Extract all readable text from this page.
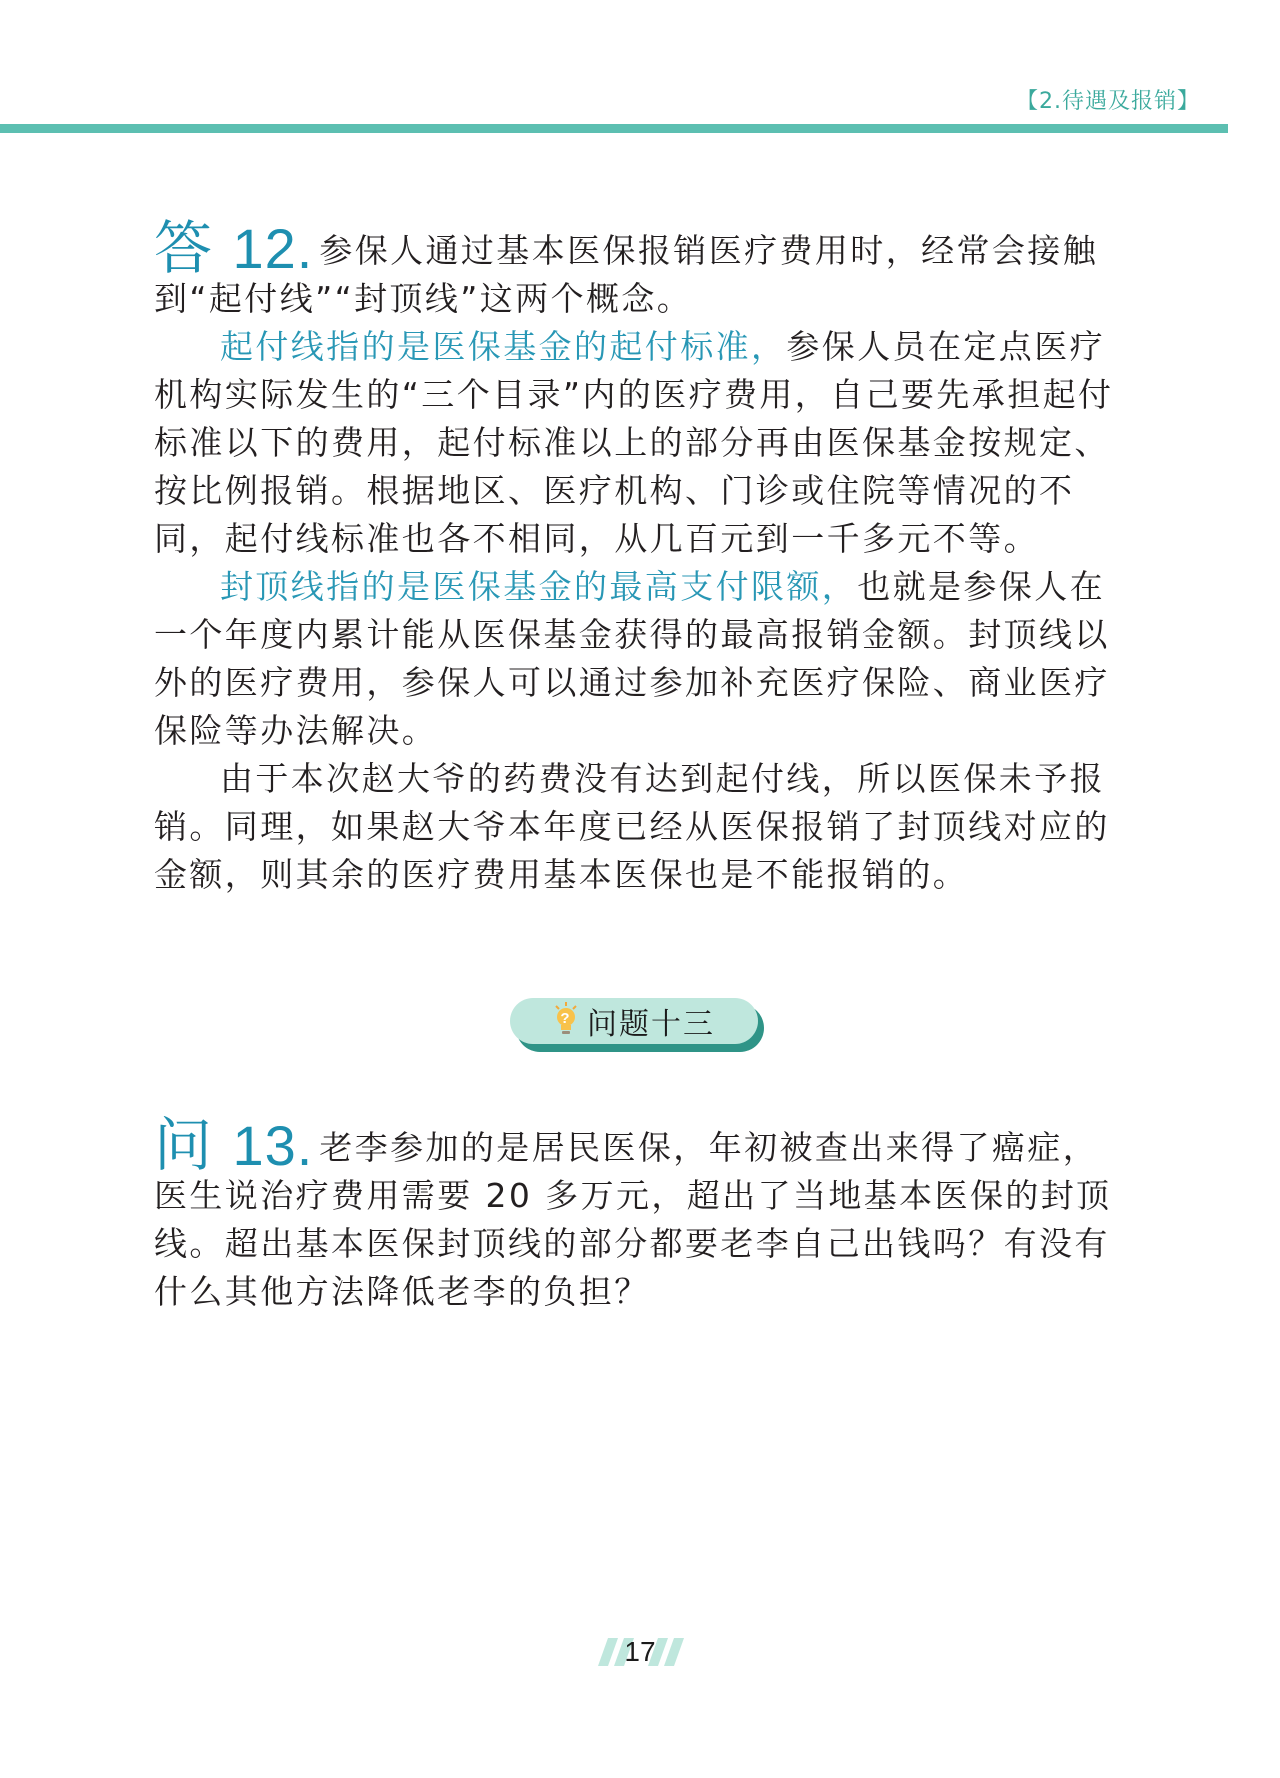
【2.待遇及报销】

答 12. 参保人通过基本医保报销医疗费用时，经常会接触到“起付线”“封顶线”这两个概念。

起付线指的是医保基金的起付标准，参保人员在定点医疗机构实际发生的“三个目录”内的医疗费用，自己要先承担起付标准以下的费用，起付标准以上的部分再由医保基金按规定、按比例报销。根据地区、医疗机构、门诊或住院等情况的不同，起付线标准也各不相同，从几百元到一千多元不等。

封顶线指的是医保基金的最高支付限额，也就是参保人在一个年度内累计能从医保基金获得的最高报销金额。封顶线以外的医疗费用，参保人可以通过参加补充医疗保险、商业医疗保险等办法解决。

由于本次赵大爷的药费没有达到起付线，所以医保未予报销。同理，如果赵大爷本年度已经从医保报销了封顶线对应的金额，则其余的医疗费用基本医保也是不能报销的。

? 问题十三

问 13. 老李参加的是居民医保，年初被查出来得了癌症，医生说治疗费用需要 20 多万元，超出了当地基本医保的封顶线。超出基本医保封顶线的部分都要老李自己出钱吗？有没有什么其他方法降低老李的负担？

17
